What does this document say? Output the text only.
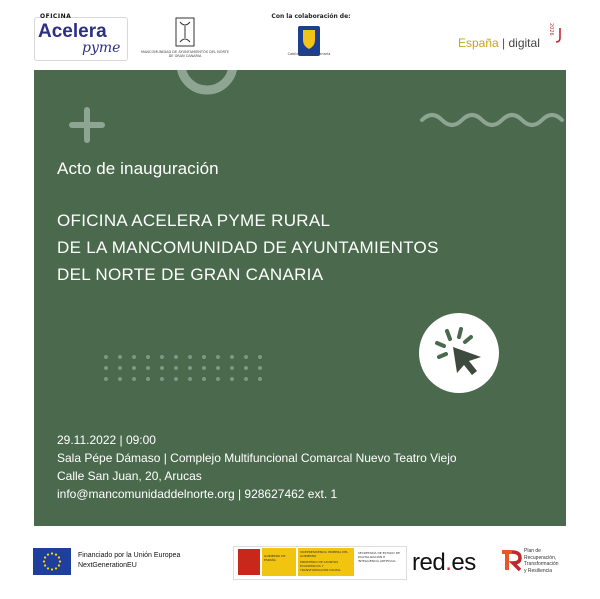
OFICINA
Acelera
pyme	MANCOMUNIDAD DE AYUNTAMIENTOS DEL NORTE DE GRAN CANARIA
Con la colaboración de:
Cabildo de Gran Canaria
España | digital
2026
Acto de inauguración
OFICINA ACELERA PYME RURAL
DE LA MANCOMUNIDAD DE AYUNTAMIENTOS
DEL NORTE DE GRAN CANARIA
29.11.2022 | 09:00
Sala Pépe Dámaso | Complejo Multifuncional Comarcal Nuevo Teatro Viejo
Calle San Juan, 20, Arucas
info@mancomunidaddelnorte.org | 928627462 ext. 1
Financiado por la Unión Europea
NextGenerationEU
GOBIERNO DE ESPAÑA
VICEPRESIDENCIA PRIMERA DEL GOBIERNO
MINISTERIO DE ASUNTOS ECONÓMICOS Y TRANSFORMACIÓN DIGITAL
SECRETARÍA DE ESTADO DE DIGITALIZACIÓN E INTELIGENCIA ARTIFICIAL red.es	Plan de
Recuperación,
Transformación
y Resiliencia
